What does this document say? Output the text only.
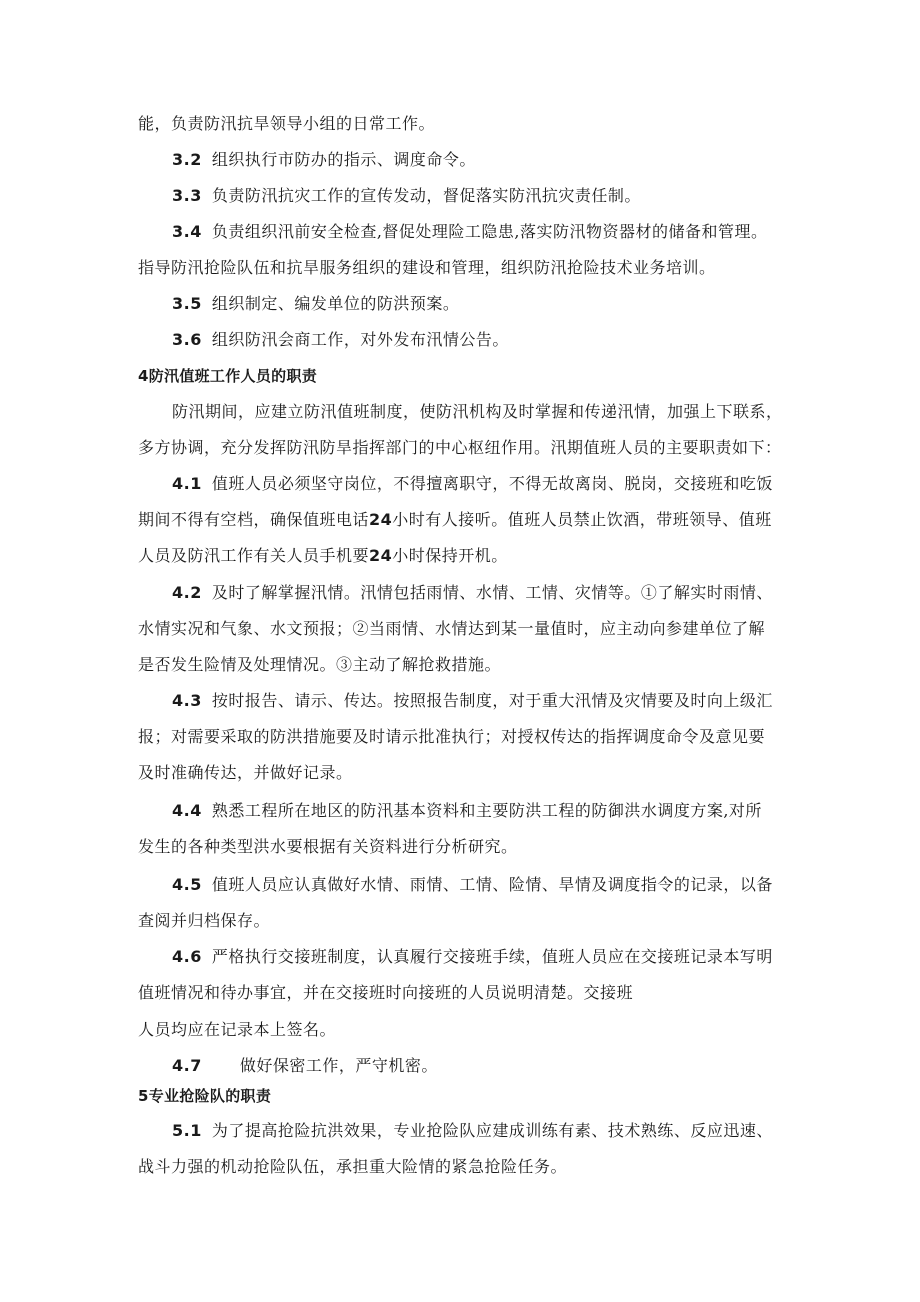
能，负责防汛抗旱领导小组的日常工作。
3.2 组织执行市防办的指示、调度命令。
3.3 负责防汛抗灾工作的宣传发动，督促落实防汛抗灾责任制。
3.4 负责组织汛前安全检查,督促处理险工隐患,落实防汛物资器材的储备和管理。
指导防汛抢险队伍和抗旱服务组织的建设和管理，组织防汛抢险技术业务培训。
3.5 组织制定、编发单位的防洪预案。
3.6 组织防汛会商工作，对外发布汛情公告。
4防汛值班工作人员的职责
防汛期间，应建立防汛值班制度，使防汛机构及时掌握和传递汛情，加强上下联系，
多方协调，充分发挥防汛防旱指挥部门的中心枢纽作用。汛期值班人员的主要职责如下：
4.1 值班人员必须坚守岗位，不得擅离职守，不得无故离岗、脱岗，交接班和吃饭
期间不得有空档，确保值班电话24小时有人接听。值班人员禁止饮酒，带班领导、值班
人员及防汛工作有关人员手机要24小时保持开机。
4.2 及时了解掌握汛情。汛情包括雨情、水情、工情、灾情等。①了解实时雨情、
水情实况和气象、水文预报；②当雨情、水情达到某一量值时，应主动向参建单位了解
是否发生险情及处理情况。③主动了解抢救措施。
4.3 按时报告、请示、传达。按照报告制度，对于重大汛情及灾情要及时向上级汇
报；对需要采取的防洪措施要及时请示批准执行；对授权传达的指挥调度命令及意见要
及时准确传达，并做好记录。
4.4 熟悉工程所在地区的防汛基本资料和主要防洪工程的防御洪水调度方案,对所
发生的各种类型洪水要根据有关资料进行分析研究。
4.5 值班人员应认真做好水情、雨情、工情、险情、旱情及调度指令的记录，以备
查阅并归档保存。
4.6 严格执行交接班制度，认真履行交接班手续，值班人员应在交接班记录本写明
值班情况和待办事宜，并在交接班时向接班的人员说明清楚。交接班
人员均应在记录本上签名。
4.7 做好保密工作，严守机密。
5专业抢险队的职责
5.1 为了提高抢险抗洪效果，专业抢险队应建成训练有素、技术熟练、反应迅速、
战斗力强的机动抢险队伍，承担重大险情的紧急抢险任务。
